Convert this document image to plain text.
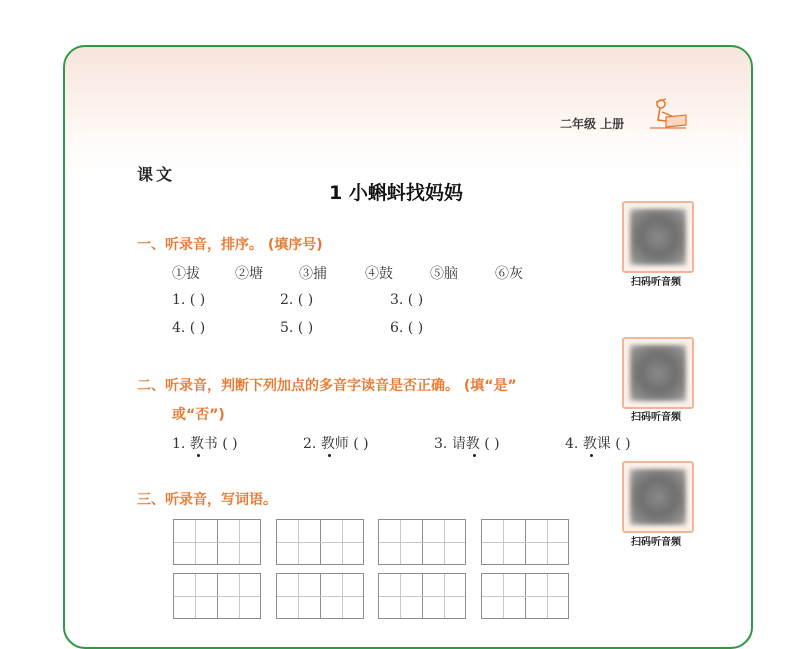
二年级 上册
课文
1 小蝌蚪找妈妈
一、听录音，排序。 (填序号)
①拔	②塘	③捕	④鼓	⑤脑	⑥灰
1. ( )	2. ( )	3. ( )
4. ( )	5. ( )	6. ( )
二、听录音，判断下列加点的多音字读音是否正确。 (填“是”
或“否”)
1. 教书 ( )	2. 教师 ( )	3. 请教 ( )	4. 教课 ( )
三、听录音，写词语。
扫码听音频
扫码听音频
扫码听音频
